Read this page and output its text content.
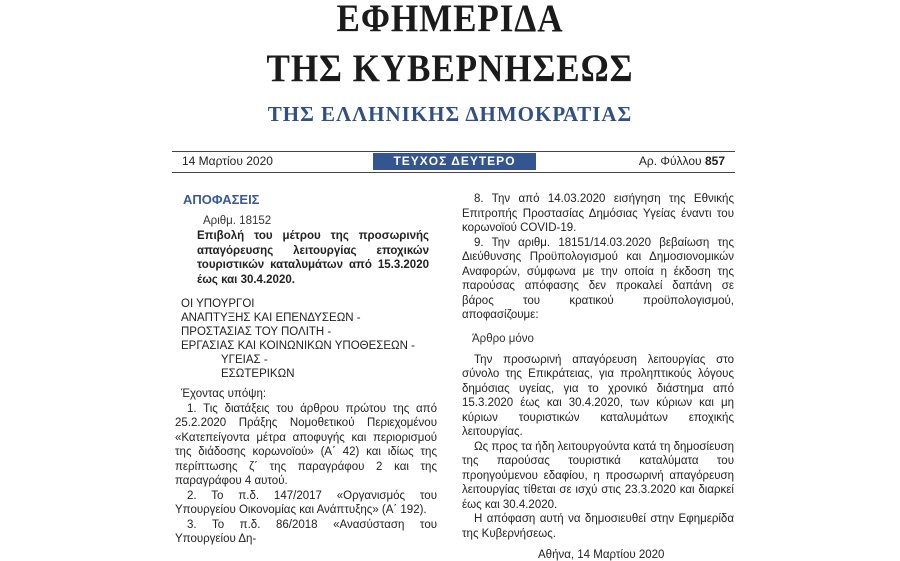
ΕΦΗΜΕΡΙΔΑ
ΤΗΣ ΚΥΒΕΡΝΗΣΕΩΣ
ΤΗΣ ΕΛΛΗΝΙΚΗΣ ΔΗΜΟΚΡΑΤΙΑΣ
14 Μαρτίου 2020	ΤΕΥΧΟΣ ΔΕΥΤΕΡΟ	Αρ. Φύλλου 857
ΑΠΟΦΑΣΕΙΣ
Αριθμ. 18152
Επιβολή του μέτρου της προσωρινής απαγόρευσης λειτουργίας εποχικών τουριστικών καταλυμάτων από 15.3.2020 έως και 30.4.2020.
ΟΙ ΥΠΟΥΡΓΟΙ
ΑΝΑΠΤΥΞΗΣ ΚΑΙ ΕΠΕΝΔΥΣΕΩΝ -
ΠΡΟΣΤΑΣΙΑΣ ΤΟΥ ΠΟΛΙΤΗ -
ΕΡΓΑΣΙΑΣ ΚΑΙ ΚΟΙΝΩΝΙΚΩΝ ΥΠΟΘΕΣΕΩΝ -
ΥΓΕΙΑΣ -
ΕΣΩΤΕΡΙΚΩΝ

Έχοντας υπόψη:

1. Τις διατάξεις του άρθρου πρώτου της από 25.2.2020 Πράξης Νομοθετικού Περιεχομένου «Κατεπείγοντα μέτρα αποφυγής και περιορισμού της διάδοσης κορωνοϊού» (Α΄ 42) και ιδίως της περίπτωσης ζ΄ της παραγράφου 2 και της παραγράφου 4 αυτού.

2. Το π.δ. 147/2017 «Οργανισμός του Υπουργείου Οικονομίας και Ανάπτυξης» (Α΄ 192).

3. Το π.δ. 86/2018 «Ανασύσταση του Υπουργείου Δη-

8. Την από 14.03.2020 εισήγηση της Εθνικής Επιτροπής Προστασίας Δημόσιας Υγείας έναντι του κορωνοϊού COVID-19.

9. Την αριθμ. 18151/14.03.2020 βεβαίωση της Διεύθυνσης Προϋπολογισμού και Δημοσιονομικών Αναφορών, σύμφωνα με την οποία η έκδοση της παρούσας απόφασης δεν προκαλεί δαπάνη σε βάρος του κρατικού προϋπολογισμού, αποφασίζουμε:

Άρθρο μόνο

Την προσωρινή απαγόρευση λειτουργίας στο σύνολο της Επικράτειας, για προληπτικούς λόγους δημόσιας υγείας, για το χρονικό διάστημα από 15.3.2020 έως και 30.4.2020, των κύριων και μη κύριων τουριστικών καταλυμάτων εποχικής λειτουργίας.

Ως προς τα ήδη λειτουργούντα κατά τη δημοσίευση της παρούσας τουριστικά καταλύματα του προηγούμενου εδαφίου, η προσωρινή απαγόρευση λειτουργίας τίθεται σε ισχύ στις 23.3.2020 και διαρκεί έως και 30.4.2020.

Η απόφαση αυτή να δημοσιευθεί στην Εφημερίδα της Κυβερνήσεως.

Αθήνα, 14 Μαρτίου 2020
